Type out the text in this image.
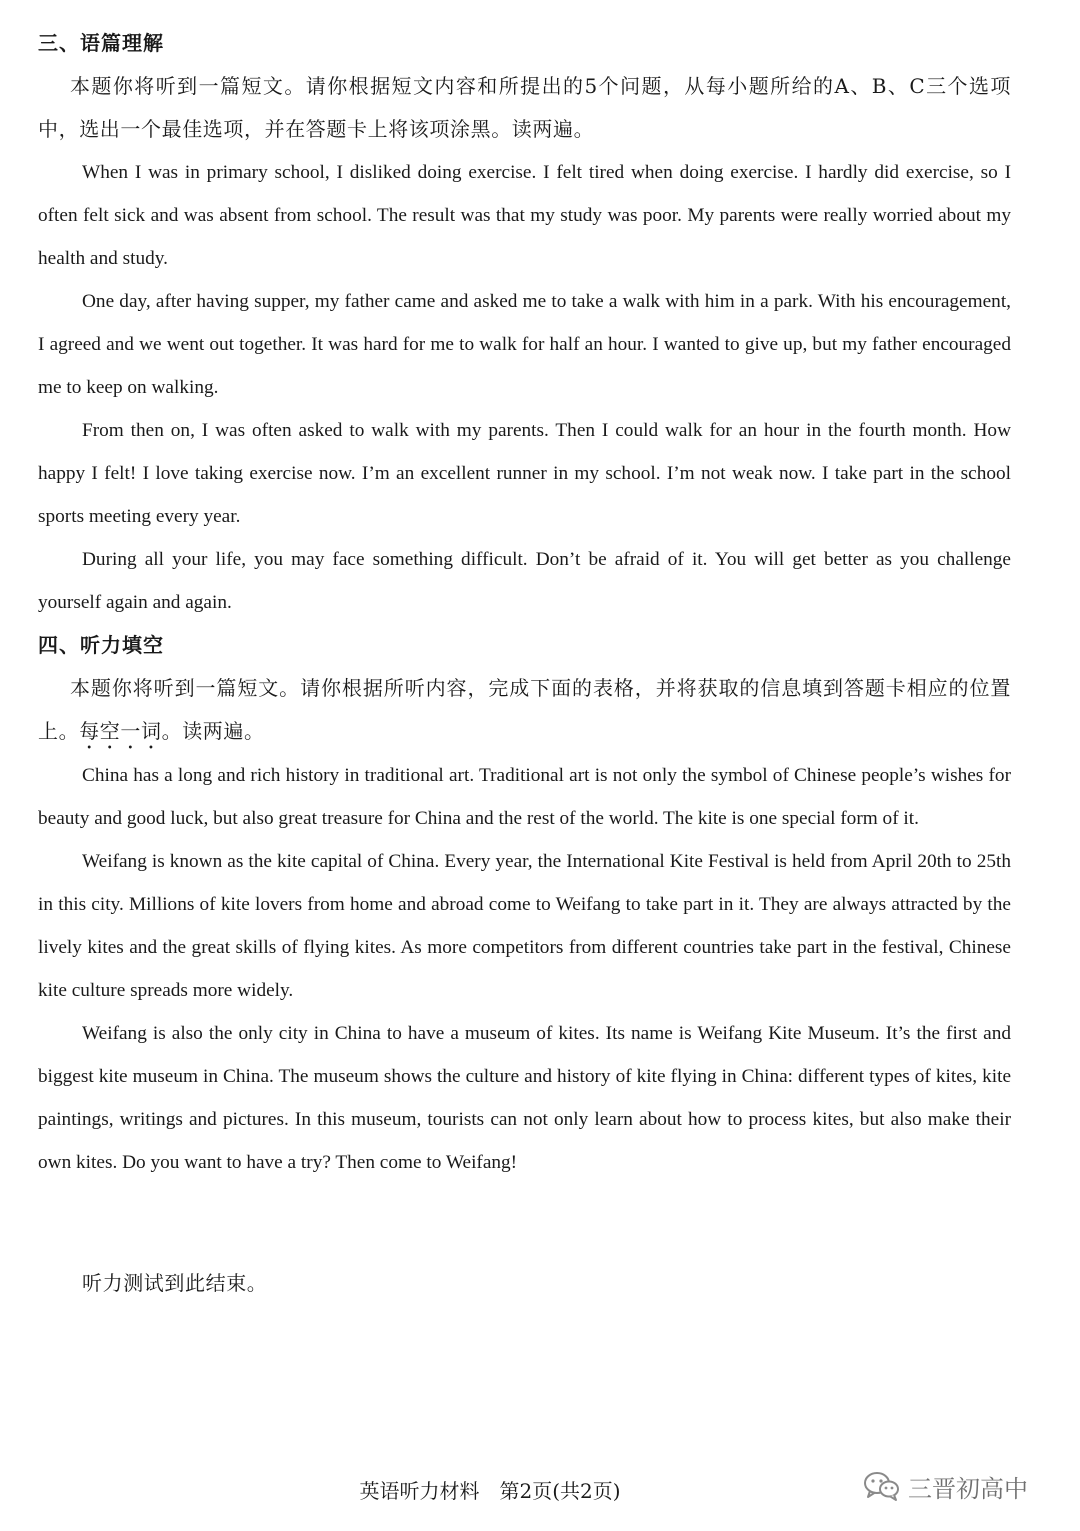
三、语篇理解

本题你将听到一篇短文。请你根据短文内容和所提出的5个问题，从每小题所给的A、B、C三个选项中，选出一个最佳选项，并在答题卡上将该项涂黑。读两遍。

When I was in primary school, I disliked doing exercise. I felt tired when doing exercise. I hardly did exercise, so I often felt sick and was absent from school. The result was that my study was poor. My parents were really worried about my health and study.

One day, after having supper, my father came and asked me to take a walk with him in a park. With his encouragement, I agreed and we went out together. It was hard for me to walk for half an hour. I wanted to give up, but my father encouraged me to keep on walking.

From then on, I was often asked to walk with my parents. Then I could walk for an hour in the fourth month. How happy I felt! I love taking exercise now. I’m an excellent runner in my school. I’m not weak now. I take part in the school sports meeting every year.

During all your life, you may face something difficult. Don’t be afraid of it. You will get better as you challenge yourself again and again.

四、听力填空

本题你将听到一篇短文。请你根据所听内容，完成下面的表格，并将获取的信息填到答题卡相应的位置上。每空一词。读两遍。

China has a long and rich history in traditional art. Traditional art is not only the symbol of Chinese people’s wishes for beauty and good luck, but also great treasure for China and the rest of the world. The kite is one special form of it.

Weifang is known as the kite capital of China. Every year, the International Kite Festival is held from April 20th to 25th in this city. Millions of kite lovers from home and abroad come to Weifang to take part in it. They are always attracted by the lively kites and the great skills of flying kites. As more competitors from different countries take part in the festival, Chinese kite culture spreads more widely.

Weifang is also the only city in China to have a museum of kites. Its name is Weifang Kite Museum. It’s the first and biggest kite museum in China. The museum shows the culture and history of kite flying in China: different types of kites, kite paintings, writings and pictures. In this museum, tourists can not only learn about how to process kites, but also make their own kites. Do you want to have a try? Then come to Weifang!

听力测试到此结束。
英语听力材料　第2页(共2页)	三晋初高中
